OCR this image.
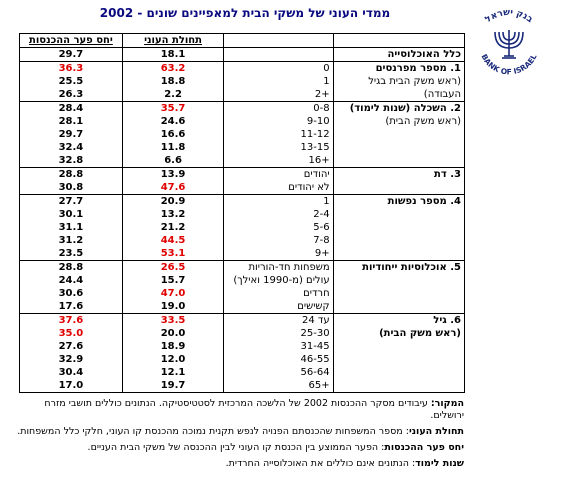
ממדי העוני של משקי הבית למאפיינים שונים - 2002	בנק ישראל
BANK OF ISRAEL
		תחולת העוני	יחס פער ההכנסות
כלל האוכלוסייה		18.1	29.7
1. מספר מפרנסים	0	63.2	36.3
(ראש משק הבית בגיל	1	18.8	25.5
העבודה)	+2	2.2	26.3
2. השכלה (שנות לימוד)	0-8	35.7	28.4
(ראש משק הבית)	9-10	24.6	28.1
	11-12	16.6	29.7
	13-15	11.8	32.4
	+16	6.6	32.8
3. דת	יהודים	13.9	28.8
	לא יהודים	47.6	30.8
4. מספר נפשות	1	20.9	27.7
	2-4	13.2	30.1
	5-6	21.2	31.1
	7-8	44.5	31.2
	+9	53.1	23.5
5. אוכלוסיות ייחודיות	משפחות חד-הוריות	26.5	28.8
	עולים (מ-1990 ואילך)	15.7	24.4
	חרדים	47.0	30.6
	קשישים	19.0	17.6
6. גיל	עד 24	33.5	37.6
(ראש משק הבית)	25-30	20.0	35.0
	31-45	18.9	27.6
	46-55	12.0	32.9
	56-64	12.1	30.4
	+65	19.7	17.0

המקור: עיבודים מסקר ההכנסות 2002 של הלשכה המרכזית לסטטיסטיקה. הנתונים כוללים תושבי מזרח ירושלים.

תחולת העוני: מספר המשפחות שהכנסתם הפנויה לנפש תקנית נמוכה מהכנסת קו העוני, חלקי כלל המשפחות.

יחס פער ההכנסות: הפער הממוצע בין הכנסת קו העוני לבין ההכנסה של משקי הבית העניים.

שנות לימוד: הנתונים אינם כוללים את האוכלוסייה החרדית.
